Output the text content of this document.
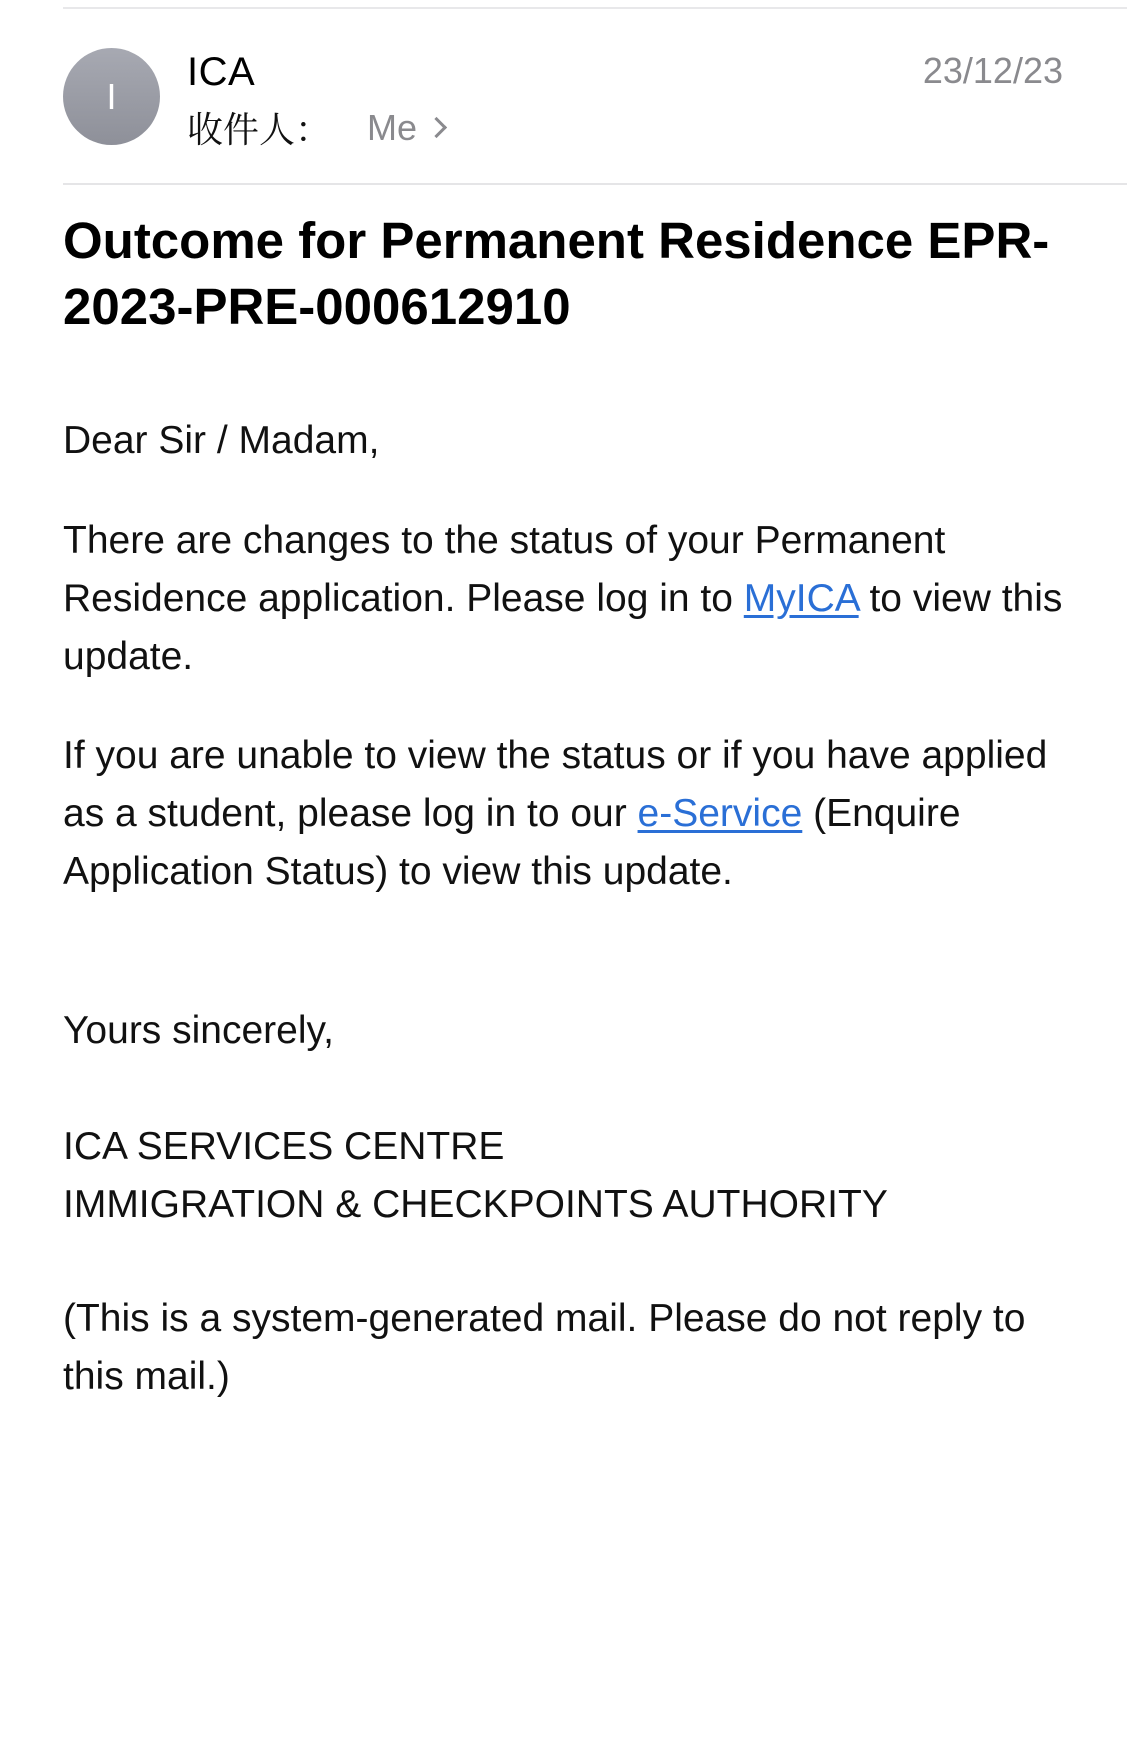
I
ICA
收件人： Me
23/12/23
Outcome for Permanent Residence EPR-2023-PRE-000612910
Dear Sir / Madam,
There are changes to the status of your Permanent Residence application. Please log in to MyICA to view this update.
If you are unable to view the status or if you have applied as a student, please log in to our e-Service (Enquire Application Status) to view this update.
Yours sincerely,
ICA SERVICES CENTRE
IMMIGRATION & CHECKPOINTS AUTHORITY
(This is a system-generated mail. Please do not reply to this mail.)
